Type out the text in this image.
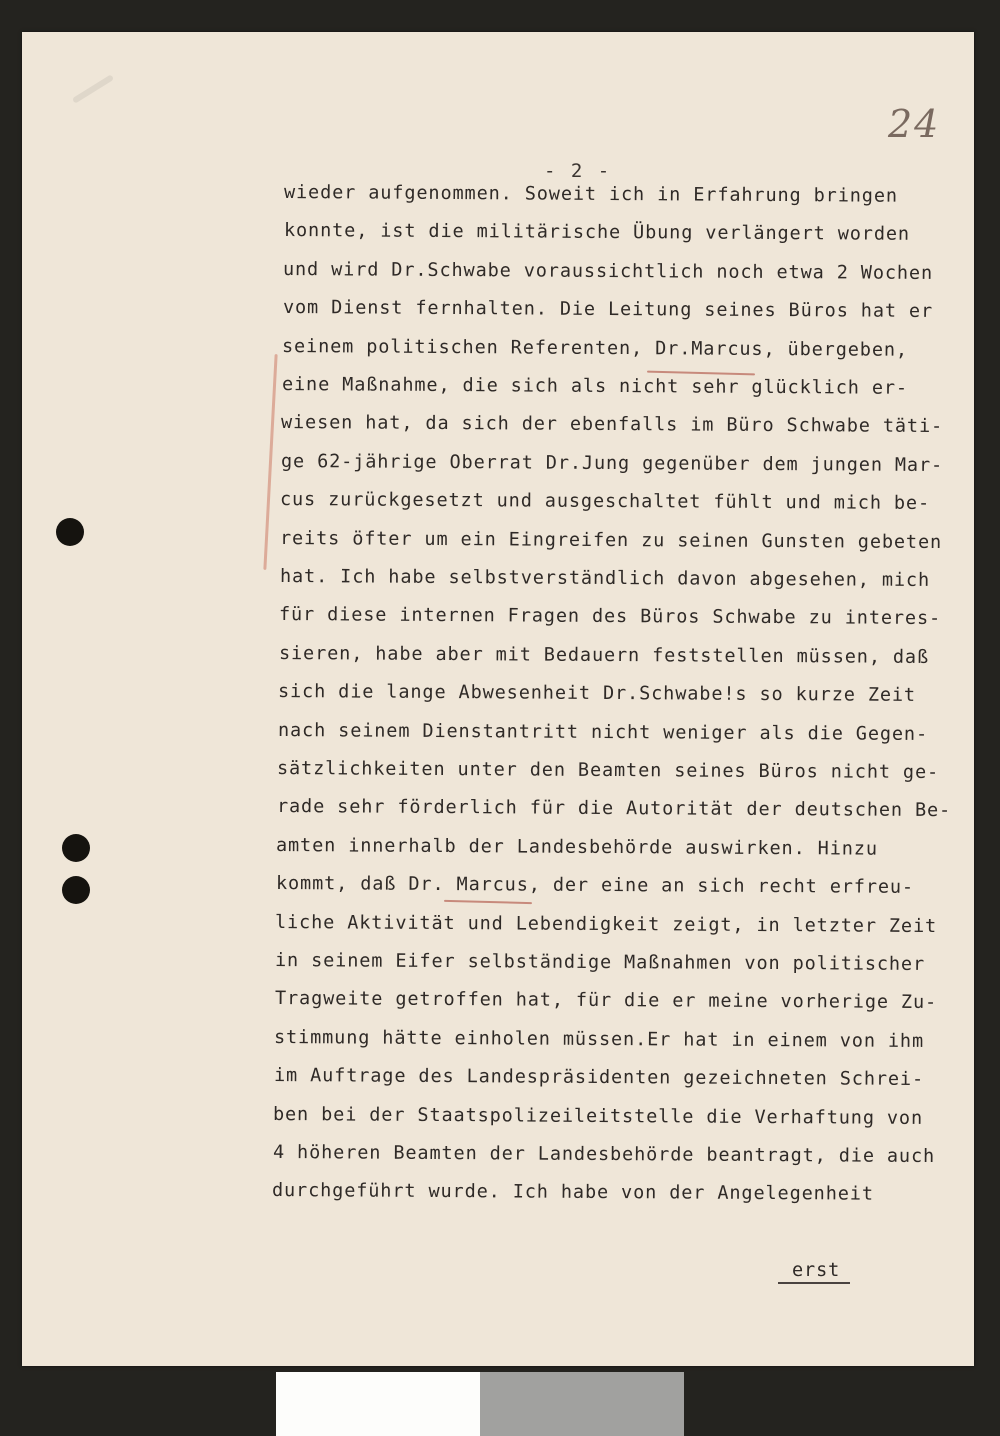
24
- 2 -
wieder aufgenommen. Soweit ich in Erfahrung bringen
konnte, ist die militärische Übung verlängert worden
und wird Dr.Schwabe voraussichtlich noch etwa 2 Wochen
vom Dienst fernhalten. Die Leitung seines Büros hat er
seinem politischen Referenten, Dr.Marcus, übergeben,
eine Maßnahme, die sich als nicht sehr glücklich er-
wiesen hat, da sich der ebenfalls im Büro Schwabe täti-
ge 62-jährige Oberrat Dr.Jung gegenüber dem jungen Mar-
cus zurückgesetzt und ausgeschaltet fühlt und mich be-
reits öfter um ein Eingreifen zu seinen Gunsten gebeten
hat. Ich habe selbstverständlich davon abgesehen, mich
für diese internen Fragen des Büros Schwabe zu interes-
sieren, habe aber mit Bedauern feststellen müssen, daß
sich die lange Abwesenheit Dr.Schwabe!s so kurze Zeit
nach seinem Dienstantritt nicht weniger als die Gegen-
sätzlichkeiten unter den Beamten seines Büros nicht ge-
rade sehr förderlich für die Autorität der deutschen Be-
amten innerhalb der Landesbehörde auswirken. Hinzu
kommt, daß Dr. Marcus, der eine an sich recht erfreu-
liche Aktivität und Lebendigkeit zeigt, in letzter Zeit
in seinem Eifer selbständige Maßnahmen von politischer
Tragweite getroffen hat, für die er meine vorherige Zu-
stimmung hätte einholen müssen.Er hat in einem von ihm
im Auftrage des Landespräsidenten gezeichneten Schrei-
ben bei der Staatspolizeileitstelle die Verhaftung von
4 höheren Beamten der Landesbehörde beantragt, die auch
durchgeführt wurde. Ich habe von der Angelegenheit
erst
